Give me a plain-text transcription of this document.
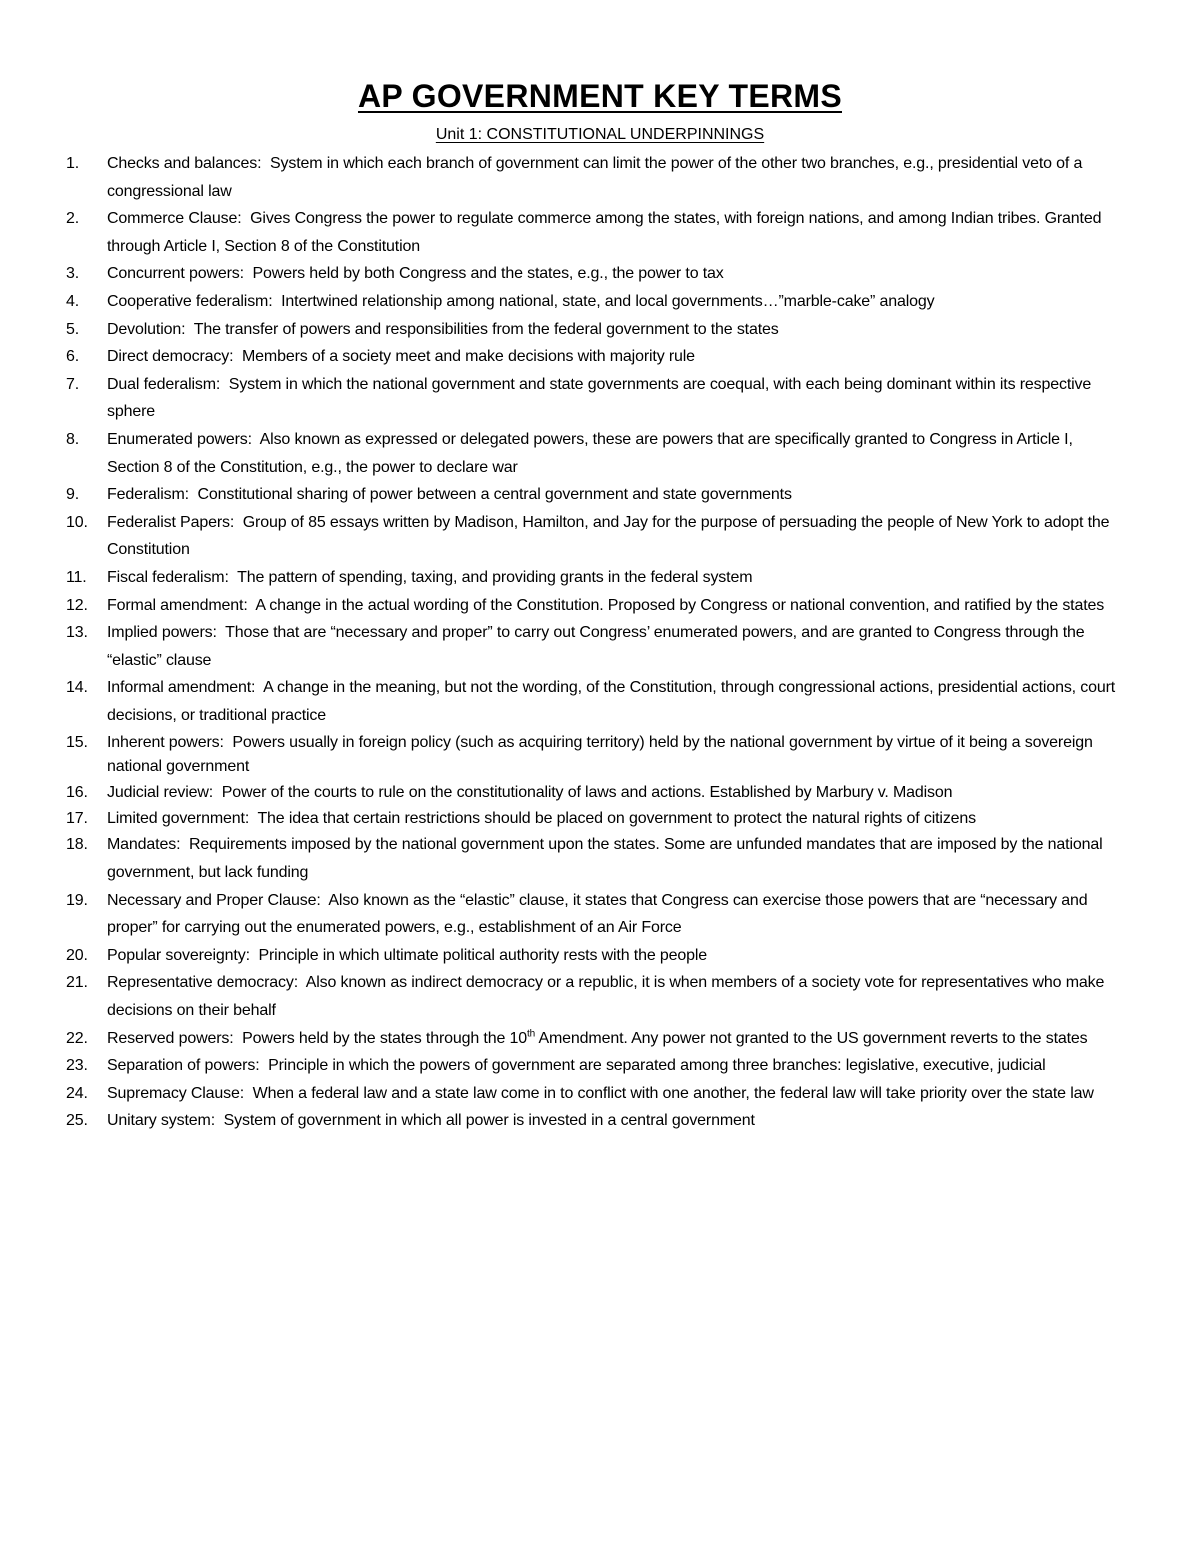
AP GOVERNMENT KEY TERMS
Unit 1: CONSTITUTIONAL UNDERPINNINGS
1.	Checks and balances: System in which each branch of government can limit the power of the other two branches, e.g., presidential veto of a congressional law
2.	Commerce Clause: Gives Congress the power to regulate commerce among the states, with foreign nations, and among Indian tribes. Granted through Article I, Section 8 of the Constitution
3.	Concurrent powers: Powers held by both Congress and the states, e.g., the power to tax
4.	Cooperative federalism: Intertwined relationship among national, state, and local governments…”marble-cake” analogy
5.	Devolution: The transfer of powers and responsibilities from the federal government to the states
6.	Direct democracy: Members of a society meet and make decisions with majority rule
7.	Dual federalism: System in which the national government and state governments are coequal, with each being dominant within its respective sphere
8.	Enumerated powers: Also known as expressed or delegated powers, these are powers that are specifically granted to Congress in Article I, Section 8 of the Constitution, e.g., the power to declare war
9.	Federalism: Constitutional sharing of power between a central government and state governments
10.	Federalist Papers: Group of 85 essays written by Madison, Hamilton, and Jay for the purpose of persuading the people of New York to adopt the Constitution
11.	Fiscal federalism: The pattern of spending, taxing, and providing grants in the federal system
12.	Formal amendment: A change in the actual wording of the Constitution. Proposed by Congress or national convention, and ratified by the states
13.	Implied powers: Those that are “necessary and proper” to carry out Congress’ enumerated powers, and are granted to Congress through the “elastic” clause
14.	Informal amendment: A change in the meaning, but not the wording, of the Constitution, through congressional actions, presidential actions, court decisions, or traditional practice
15.	Inherent powers: Powers usually in foreign policy (such as acquiring territory) held by the national government by virtue of it being a sovereign national government
16.	Judicial review: Power of the courts to rule on the constitutionality of laws and actions. Established by Marbury v. Madison
17.	Limited government: The idea that certain restrictions should be placed on government to protect the natural rights of citizens
18.	Mandates: Requirements imposed by the national government upon the states. Some are unfunded mandates that are imposed by the national government, but lack funding
19.	Necessary and Proper Clause: Also known as the “elastic” clause, it states that Congress can exercise those powers that are “necessary and proper” for carrying out the enumerated powers, e.g., establishment of an Air Force
20.	Popular sovereignty: Principle in which ultimate political authority rests with the people
21.	Representative democracy: Also known as indirect democracy or a republic, it is when members of a society vote for representatives who make decisions on their behalf
22.	Reserved powers: Powers held by the states through the 10th Amendment. Any power not granted to the US government reverts to the states
23.	Separation of powers: Principle in which the powers of government are separated among three branches: legislative, executive, judicial
24.	Supremacy Clause: When a federal law and a state law come in to conflict with one another, the federal law will take priority over the state law
25.	Unitary system: System of government in which all power is invested in a central government
